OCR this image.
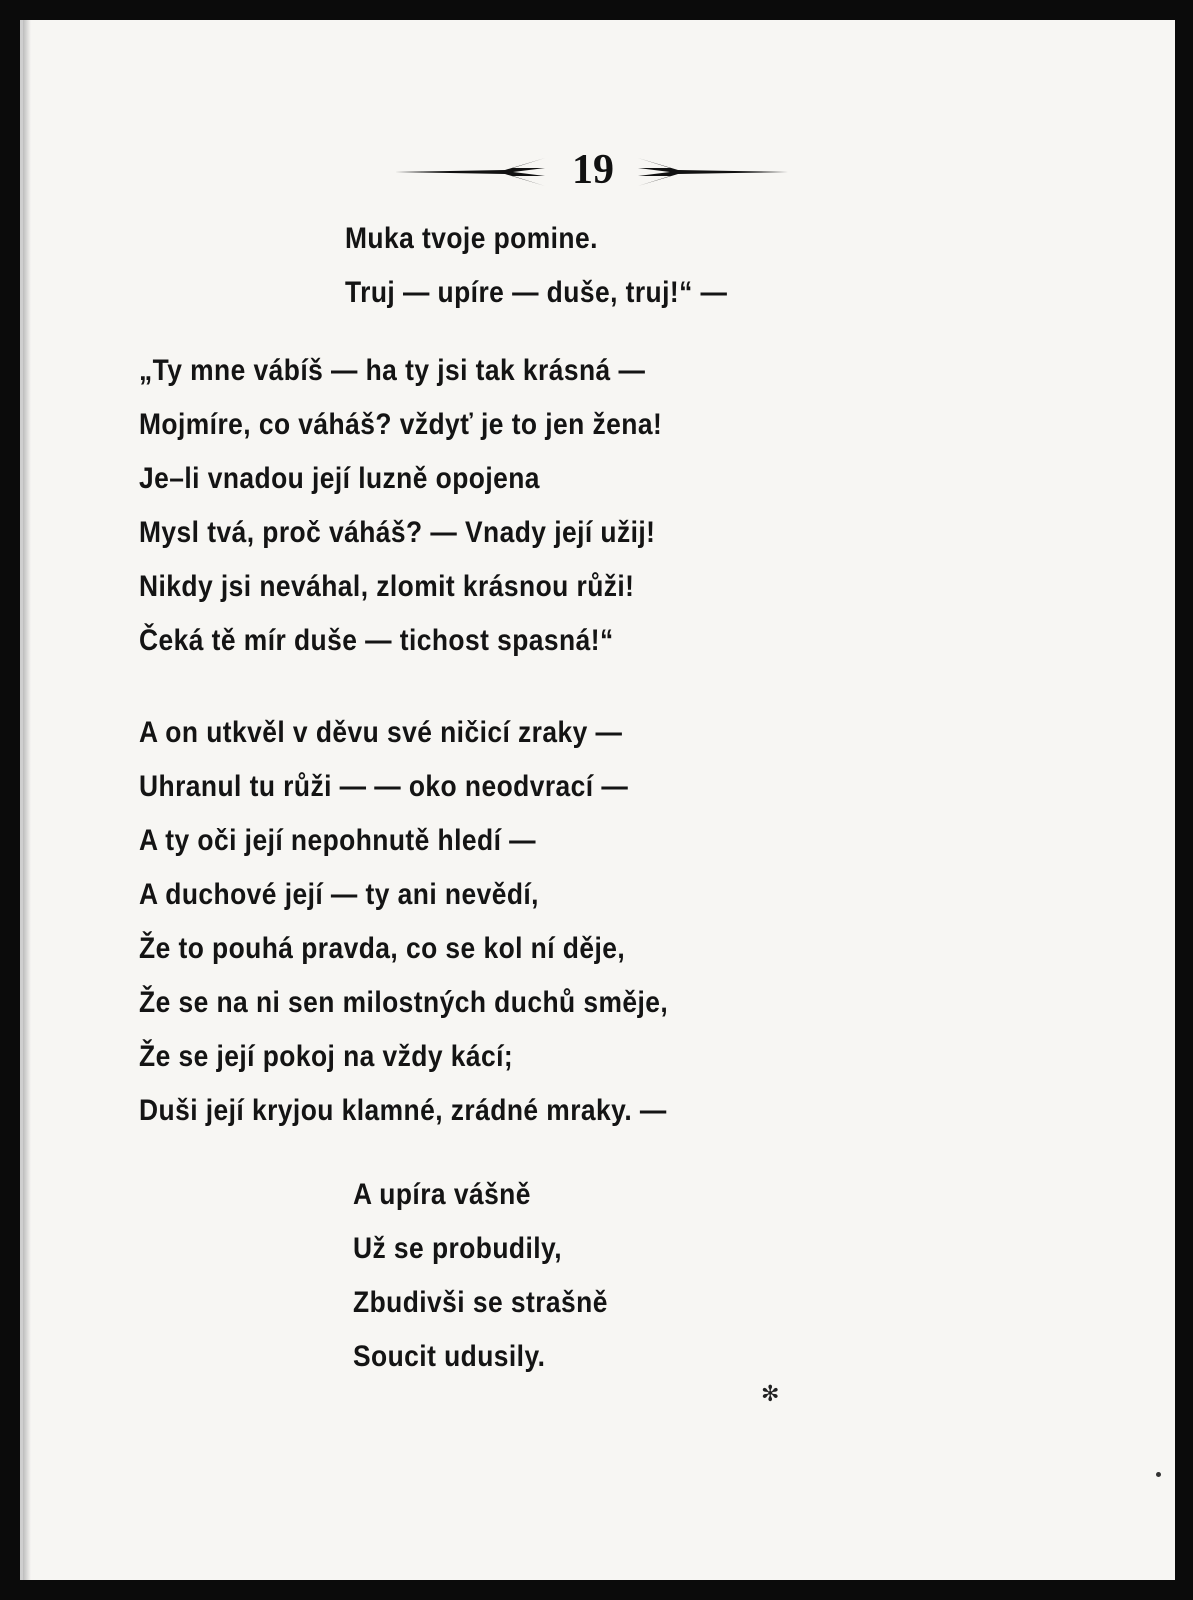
19
Muka tvoje pomine.
Truj — upíre — duše, truj!“ —
„Ty mne vábíš — ha ty jsi tak krásná —
Mojmíre, co váháš? vždyť je to jen žena!
Je–li vnadou její luzně opojena
Mysl tvá, proč váháš? — Vnady její užij!
Nikdy jsi neváhal, zlomit krásnou růži!
Čeká tě mír duše — tichost spasná!“
A on utkvěl v děvu své ničicí zraky —
Uhranul tu růži — — oko neodvrací —
A ty oči její nepohnutě hledí —
A duchové její — ty ani nevědí,
Že to pouhá pravda, co se kol ní děje,
Že se na ni sen milostných duchů směje,
Že se její pokoj na vždy kácí;
Duši její kryjou klamné, zrádné mraky. —
A upíra vášně
Už se probudily,
Zbudivši se strašně
Soucit udusily.
✻
